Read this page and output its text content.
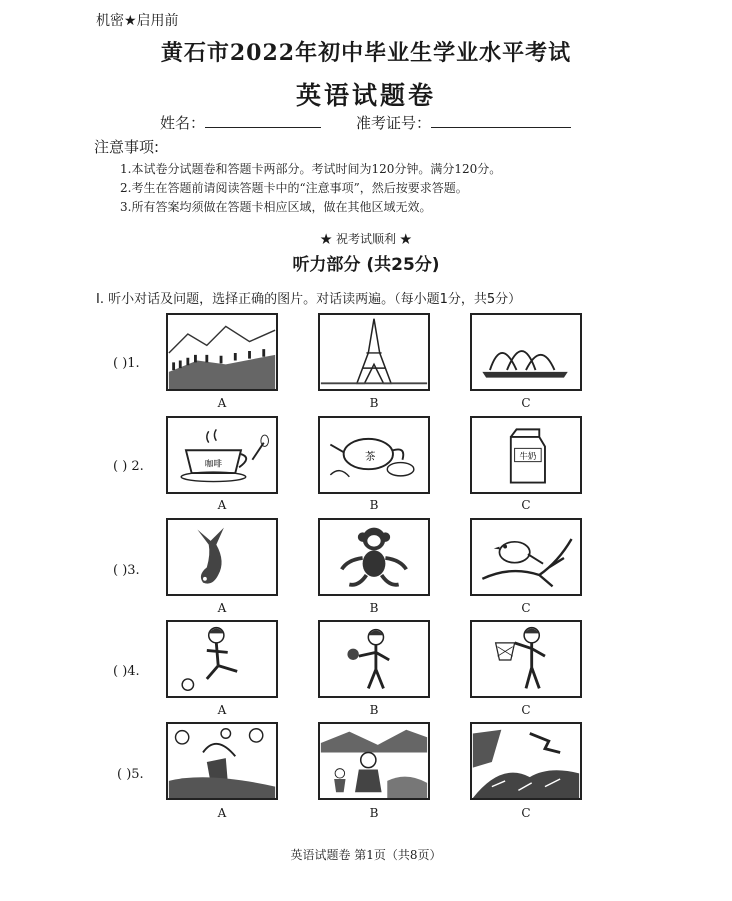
机密★启用前
黄石市2022年初中毕业生学业水平考试
英语试题卷
姓名：	准考证号：
注意事项:
1.本试卷分试题卷和答题卡两部分。考试时间为120分钟。满分120分。
2.考生在答题前请阅读答题卡中的“注意事项”，然后按要求答题。
3.所有答案均须做在答题卡相应区域，做在其他区域无效。
★ 祝考试顺利 ★
听力部分 (共25分)
I. 听小对话及问题，选择正确的图片。对话读两遍。（每小题1分，共5分）
( )1.
A	B	C
( ) 2.	咖啡
茶	牛奶
A	B	C
( )3.
A	B	C
( )4.
A	B	C
( )5.
A	B	C
英语试题卷 第1页（共8页）
